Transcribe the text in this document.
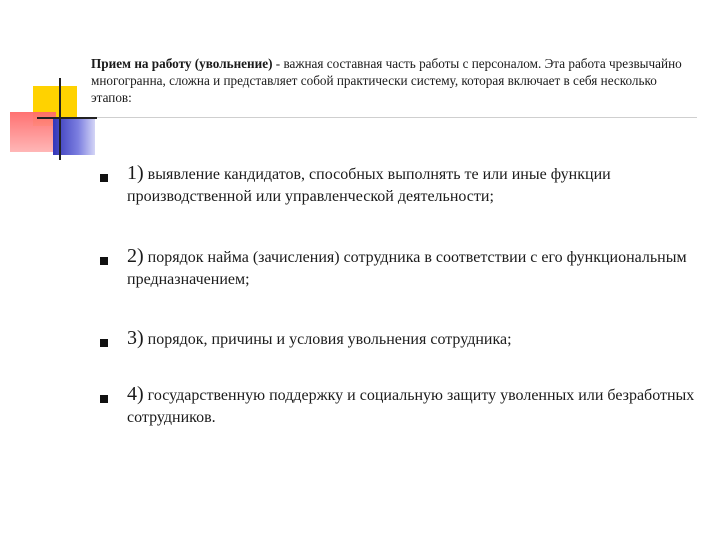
Прием на работу (увольнение) - важная составная часть работы с персоналом. Эта работа чрезвычайно многогранна, сложна и представляет собой практически систему, которая включает в себя несколько этапов:

1) выявление кандидатов, способных выполнять те или иные функции производственной или управленческой деятельности;

2) порядок найма (зачисления) сотрудника в соответствии с его функциональным предназначением;

3) порядок, причины и условия увольнения сотрудника;

4) государственную поддержку и социальную защиту уволенных или безработных сотрудников.
